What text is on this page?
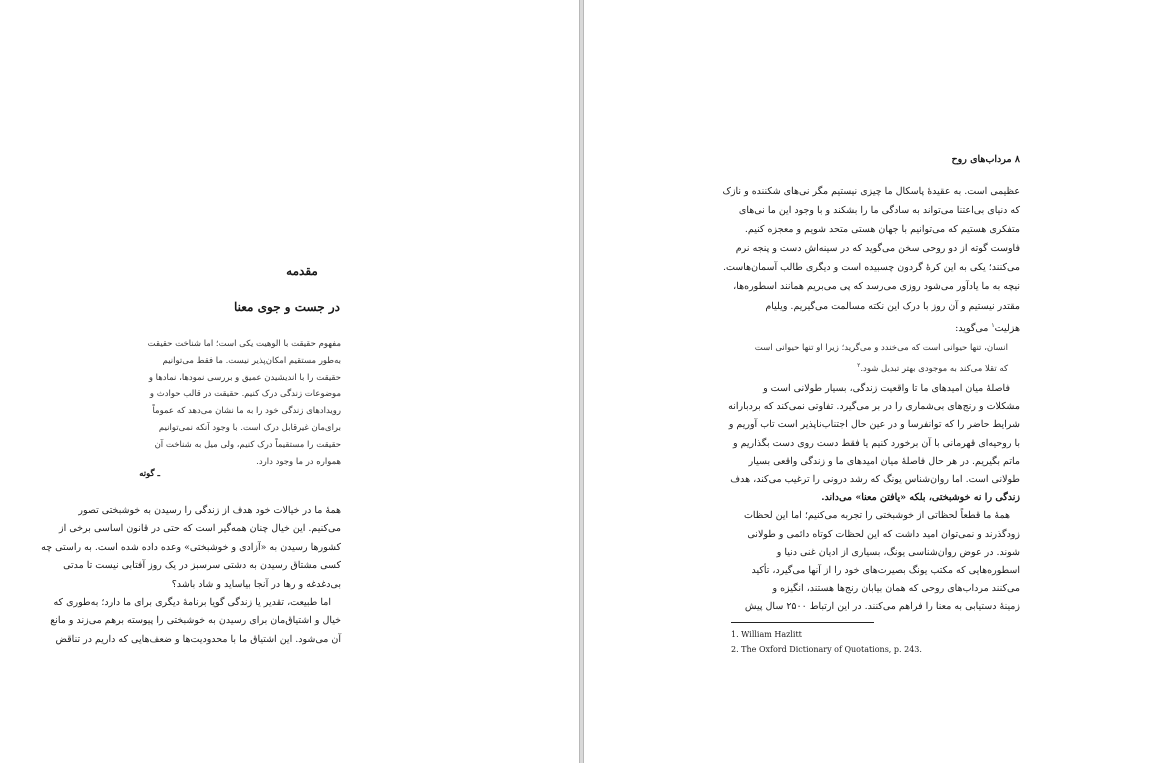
مقدمه
در جست و جوی معنا
مفهوم حقیقت با الوهیت یکی است؛ اما شناخت حقیقت
به‌طور مستقیم امکان‌پذیر نیست. ما فقط می‌توانیم
حقیقت را با اندیشیدن عمیق و بررسی نمودها، نمادها و
موضوعات زندگی درک کنیم. حقیقت در قالب حوادث و
رویدادهای زندگی خود را به ما نشان می‌دهد که عموماً
برای‌مان غیرقابل درک است. با وجود آنکه نمی‌توانیم
حقیقت را مستقیماً درک کنیم، ولی میل به شناخت آن
همواره در ما وجود دارد.
ـ گوته
همهٔ ما در خیالات خود هدف از زندگی را رسیدن به خوشبختی تصور
می‌کنیم. این خیال چنان همه‌گیر است که حتی در قانون اساسی برخی از
کشورها رسیدن به «آزادی و خوشبختی» وعده داده شده است. به راستی چه
کسی مشتاق رسیدن به دشتی سرسبز در یک روز آفتابی نیست تا مدتی
بی‌دغدغه و رها در آنجا بیاساید و شاد باشد؟
اما طبیعت، تقدیر یا زندگی گویا برنامهٔ دیگری برای ما دارد؛ به‌طوری که
خیال و اشتیاق‌مان برای رسیدن به خوشبختی را پیوسته برهم می‌زند و مانع
آن می‌شود. این اشتیاق ما با محدودیت‌ها و ضعف‌هایی که داریم در تناقض
۸ مرداب‌های روح
عظیمی است. به عقیدهٔ پاسکال ما چیزی نیستیم مگر نی‌های شکننده و نازک
که دنیای بی‌اعتنا می‌تواند به سادگی ما را بشکند و با وجود این ما نی‌های
متفکری هستیم که می‌توانیم با جهان هستی متحد شویم و معجزه کنیم.
فاوست گوته از دو روحی سخن می‌گوید که در سینه‌اش دست و پنجه نرم
می‌کنند؛ یکی به این کرهٔ گردون چسبیده است و دیگری طالب آسمان‌هاست.
نیچه به ما یادآور می‌شود روزی می‌رسد که پی می‌بریم همانند اسطوره‌ها،
مقتدر نیستیم و آن روز با درک این نکته مسالمت می‌گیریم. ویلیام
هزلیت$^۱$ می‌گوید:
انسان، تنها حیوانی است که می‌خندد و می‌گرید؛ زیرا او تنها حیوانی است
که تقلا می‌کند به موجودی بهتر تبدیل شود.$^۲$
فاصلهٔ میان امیدهای ما تا واقعیت زندگی، بسیار طولانی است و
مشکلات و رنج‌های بی‌شماری را در بر می‌گیرد. تفاوتی نمی‌کند که بردبارانه
شرایط حاضر را که توانفرسا و در عین حال اجتناب‌ناپذیر است تاب آوریم و
با روحیه‌ای قهرمانی با آن برخورد کنیم یا فقط دست روی دست بگذاریم و
ماتم بگیریم. در هر حال فاصلهٔ میان امیدهای ما و زندگی واقعی بسیار
طولانی است. اما روان‌شناس یونگ که رشد درونی را ترغیب می‌کند، هدف
زندگی را نه خوشبختی، بلکه «یافتن معنا» می‌داند.
همهٔ ما قطعاً لحظاتی از خوشبختی را تجربه می‌کنیم؛ اما این لحظات
زودگذرند و نمی‌توان امید داشت که این لحظات کوتاه دائمی و طولانی
شوند. در عوض روان‌شناسی یونگ، بسیاری از ادیان غنی دنیا و
اسطوره‌هایی که مکتب یونگ بصیرت‌های خود را از آنها می‌گیرد، تأکید
می‌کنند مرداب‌های روحی که همان بیابان رنج‌ها هستند، انگیزه و
زمینهٔ دستیابی به معنا را فراهم می‌کنند. در این ارتباط ۲۵۰۰ سال پیش
1. William Hazlitt
2. The Oxford Dictionary of Quotations, p. 243.
